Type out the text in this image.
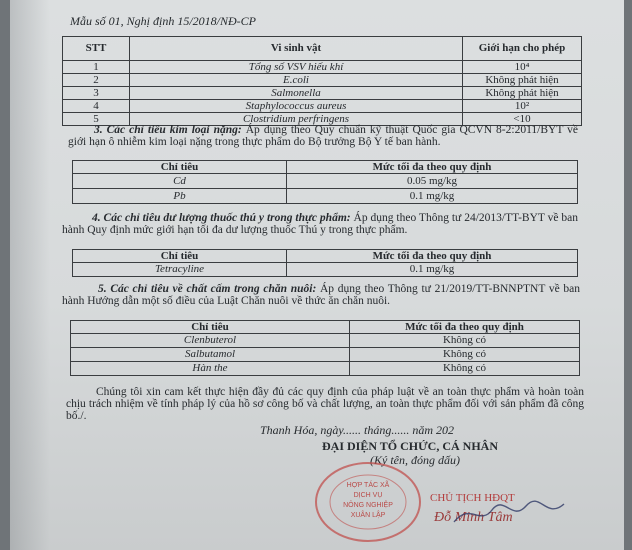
Mẫu số 01, Nghị định 15/2018/NĐ-CP
STT	Vi sinh vật	Giới hạn cho phép
1	Tổng số VSV hiếu khí	10⁴
2	E.coli	Không phát hiện
3	Salmonella	Không phát hiện
4	Staphylococcus aureus	10²
5	Clostridium perfringens	<10
3. Các chỉ tiêu kim loại nặng: Áp dụng theo Quy chuẩn kỹ thuật Quốc gia QCVN 8-2:2011/BYT về giới hạn ô nhiễm kim loại nặng trong thực phẩm do Bộ trưởng Bộ Y tế ban hành.
Chỉ tiêu	Mức tối đa theo quy định
Cd	0.05 mg/kg
Pb	0.1 mg/kg
4. Các chỉ tiêu dư lượng thuốc thú y trong thực phẩm: Áp dụng theo Thông tư 24/2013/TT-BYT về ban hành Quy định mức giới hạn tối đa dư lượng thuốc Thú y trong thực phẩm.
Chỉ tiêu	Mức tối đa theo quy định
Tetracyline	0.1 mg/kg
5. Các chỉ tiêu về chất cấm trong chăn nuôi: Áp dụng theo Thông tư 21/2019/TT-BNNPTNT về ban hành Hướng dẫn một số điều của Luật Chăn nuôi về thức ăn chăn nuôi.
Chỉ tiêu	Mức tối đa theo quy định
Clenbuterol	Không có
Salbutamol	Không có
Hàn the	Không có
Chúng tôi xin cam kết thực hiện đầy đủ các quy định của pháp luật về an toàn thực phẩm và hoàn toàn chịu trách nhiệm về tính pháp lý của hồ sơ công bố và chất lượng, an toàn thực phẩm đối với sản phẩm đã công bố./.
Thanh Hóa, ngày...... tháng...... năm 202
ĐẠI DIỆN TỔ CHỨC, CÁ NHÂN
(Ký tên, đóng dấu)
HỢP TÁC XÃ
DỊCH VỤ
NÔNG NGHIỆP
XUÂN LẬP
CHỦ TỊCH HĐQT
Đỗ Minh Tâm
